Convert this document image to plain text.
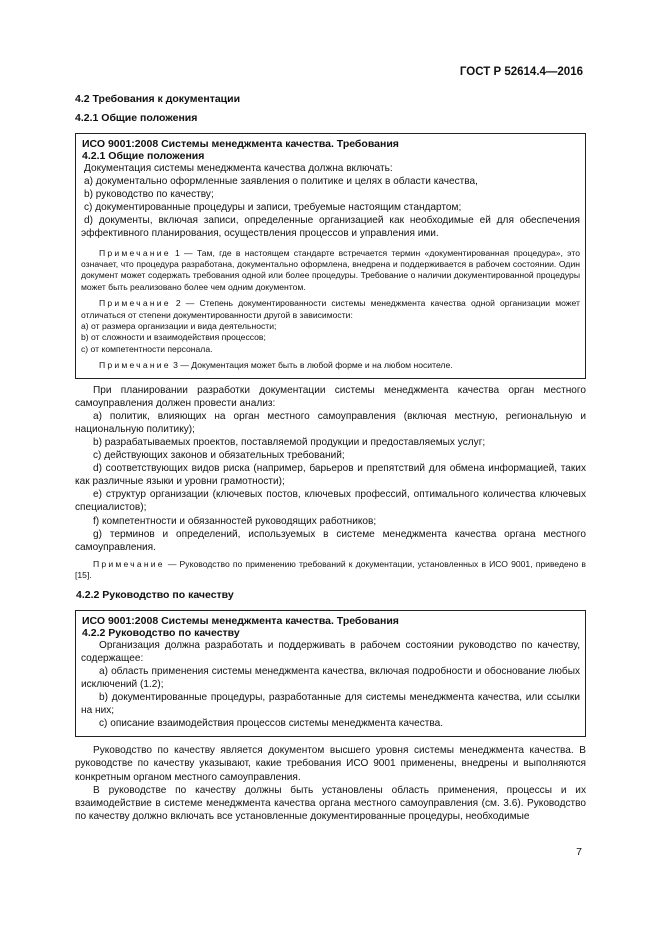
ГОСТ Р 52614.4—2016

4.2 Требования к документации

4.2.1 Общие положения

ИСО 9001:2008 Системы менеджмента качества. Требования

4.2.1 Общие положения

Документация системы менеджмента качества должна включать:

a) документально оформленные заявления о политике и целях в области качества,

b) руководство по качеству;

c) документированные процедуры и записи, требуемые настоящим стандартом;

d) документы, включая записи, определенные организацией как необходимые ей для обеспечения эффективного планирования, осуществления процессов и управления ими.

Примечание 1 — Там, где в настоящем стандарте встречается термин «документированная процедура», это означает, что процедура разработана, документально оформлена, внедрена и поддерживается в рабочем состоянии. Один документ может содержать требования одной или более процедуры. Требование о наличии документированной процедуры может быть реализовано более чем одним документом.

Примечание 2 — Степень документированности системы менеджмента качества одной организации может отличаться от степени документированности другой в зависимости:

a) от размера организации и вида деятельности;

b) от сложности и взаимодействия процессов;

c) от компетентности персонала.

Примечание 3 — Документация может быть в любой форме и на любом носителе.

При планировании разработки документации системы менеджмента качества орган местного самоуправления должен провести анализ:

a) политик, влияющих на орган местного самоуправления (включая местную, региональную и национальную политику);

b) разрабатываемых проектов, поставляемой продукции и предоставляемых услуг;

c) действующих законов и обязательных требований;

d) соответствующих видов риска (например, барьеров и препятствий для обмена информацией, таких как различные языки и уровни грамотности);

e) структур организации (ключевых постов, ключевых профессий, оптимального количества ключевых специалистов);

f) компетентности и обязанностей руководящих работников;

g) терминов и определений, используемых в системе менеджмента качества органа местного самоуправления.

Примечание — Руководство по применению требований к документации, установленных в ИСО 9001, приведено в [15].

4.2.2 Руководство по качеству

ИСО 9001:2008 Системы менеджмента качества. Требования

4.2.2 Руководство по качеству

Организация должна разработать и поддерживать в рабочем состоянии руководство по качеству, содержащее:

a) область применения системы менеджмента качества, включая подробности и обоснование любых исключений (1.2);

b) документированные процедуры, разработанные для системы менеджмента качества, или ссылки на них;

c) описание взаимодействия процессов системы менеджмента качества.

Руководство по качеству является документом высшего уровня системы менеджмента качества. В руководстве по качеству указывают, какие требования ИСО 9001 применены, внедрены и выполняются конкретным органом местного самоуправления.

В руководстве по качеству должны быть установлены область применения, процессы и их взаимодействие в системе менеджмента качества органа местного самоуправления (см. 3.6). Руководство по качеству должно включать все установленные документированные процедуры, необходимые

7
